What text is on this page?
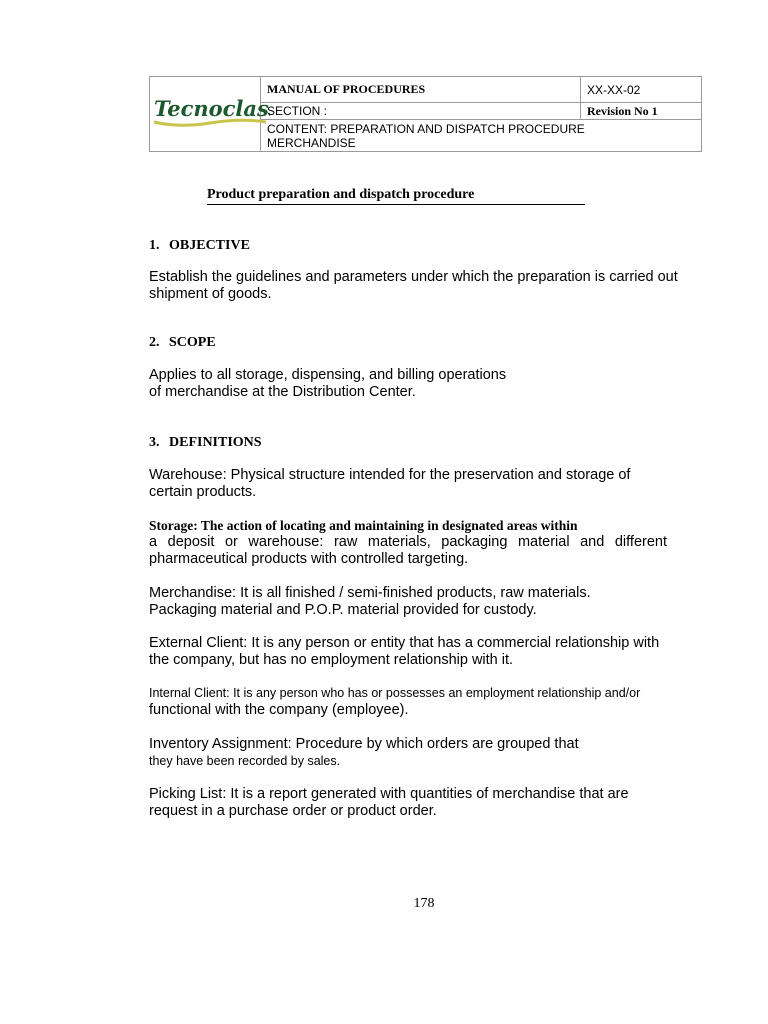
Tecnoclass	MANUAL OF PROCEDURES	XX-XX-02
	SECTION :	Revision No 1

	CONTENT: PREPARATION AND DISPATCH PROCEDURE
MERCHANDISE	
Product preparation and dispatch procedure
1. OBJECTIVE
Establish the guidelines and parameters under which the preparation is carried out
shipment of goods.
2. SCOPE
Applies to all storage, dispensing, and billing operations
of merchandise at the Distribution Center.
3. DEFINITIONS
Warehouse: Physical structure intended for the preservation and storage of
certain products.
Storage: The action of locating and maintaining in designated areas within
a deposit or warehouse: raw materials, packaging material and different
pharmaceutical products with controlled targeting.
Merchandise: It is all finished / semi-finished products, raw materials.
Packaging material and P.O.P. material provided for custody.
External Client: It is any person or entity that has a commercial relationship with
the company, but has no employment relationship with it.
Internal Client: It is any person who has or possesses an employment relationship and/or
functional with the company (employee).
Inventory Assignment: Procedure by which orders are grouped that
they have been recorded by sales.
Picking List: It is a report generated with quantities of merchandise that are
request in a purchase order or product order.
178
